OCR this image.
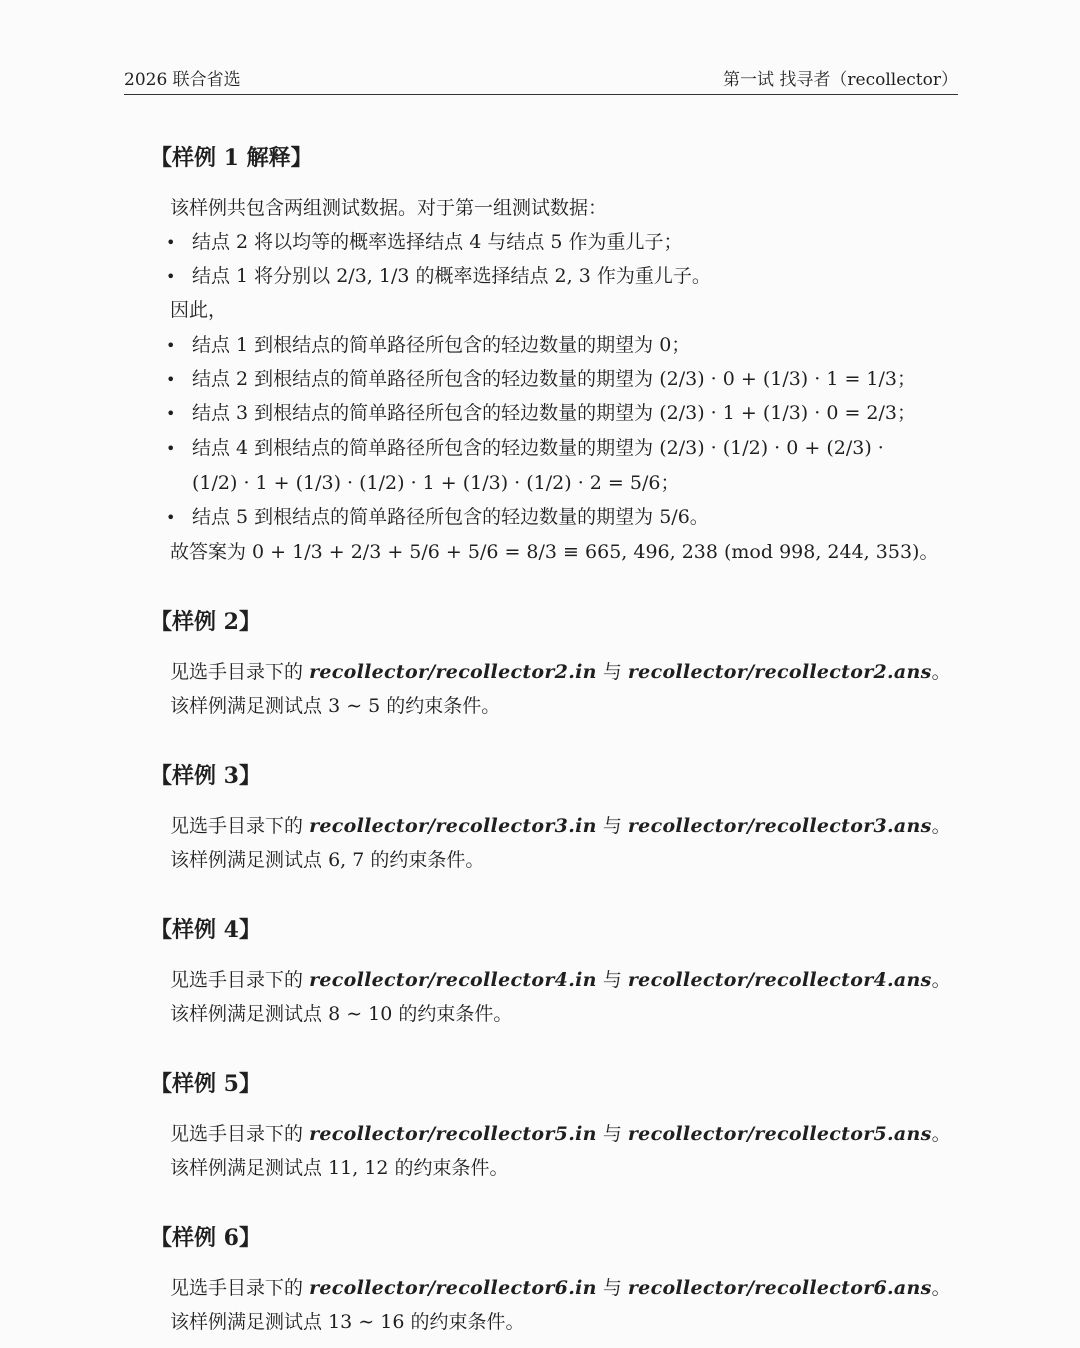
2026 联合省选	第一试 找寻者（recollector）
【样例 1 解释】
该样例共包含两组测试数据。对于第一组测试数据：
• 结点 2 将以均等的概率选择结点 4 与结点 5 作为重儿子；
• 结点 1 将分别以 2/3, 1/3 的概率选择结点 2, 3 作为重儿子。
因此，
• 结点 1 到根结点的简单路径所包含的轻边数量的期望为 0；
• 结点 2 到根结点的简单路径所包含的轻边数量的期望为 (2/3) · 0 + (1/3) · 1 = 1/3；
• 结点 3 到根结点的简单路径所包含的轻边数量的期望为 (2/3) · 1 + (1/3) · 0 = 2/3；
• 结点 4 到根结点的简单路径所包含的轻边数量的期望为 (2/3) · (1/2) · 0 + (2/3) ·
(1/2) · 1 + (1/3) · (1/2) · 1 + (1/3) · (1/2) · 2 = 5/6；
• 结点 5 到根结点的简单路径所包含的轻边数量的期望为 5/6。
故答案为 0 + 1/3 + 2/3 + 5/6 + 5/6 = 8/3 ≡ 665, 496, 238 (mod 998, 244, 353)。
【样例 2】
见选手目录下的 recollector/recollector2.in 与 recollector/recollector2.ans。
该样例满足测试点 3 ∼ 5 的约束条件。
【样例 3】
见选手目录下的 recollector/recollector3.in 与 recollector/recollector3.ans。
该样例满足测试点 6, 7 的约束条件。
【样例 4】
见选手目录下的 recollector/recollector4.in 与 recollector/recollector4.ans。
该样例满足测试点 8 ∼ 10 的约束条件。
【样例 5】
见选手目录下的 recollector/recollector5.in 与 recollector/recollector5.ans。
该样例满足测试点 11, 12 的约束条件。
【样例 6】
见选手目录下的 recollector/recollector6.in 与 recollector/recollector6.ans。
该样例满足测试点 13 ∼ 16 的约束条件。
